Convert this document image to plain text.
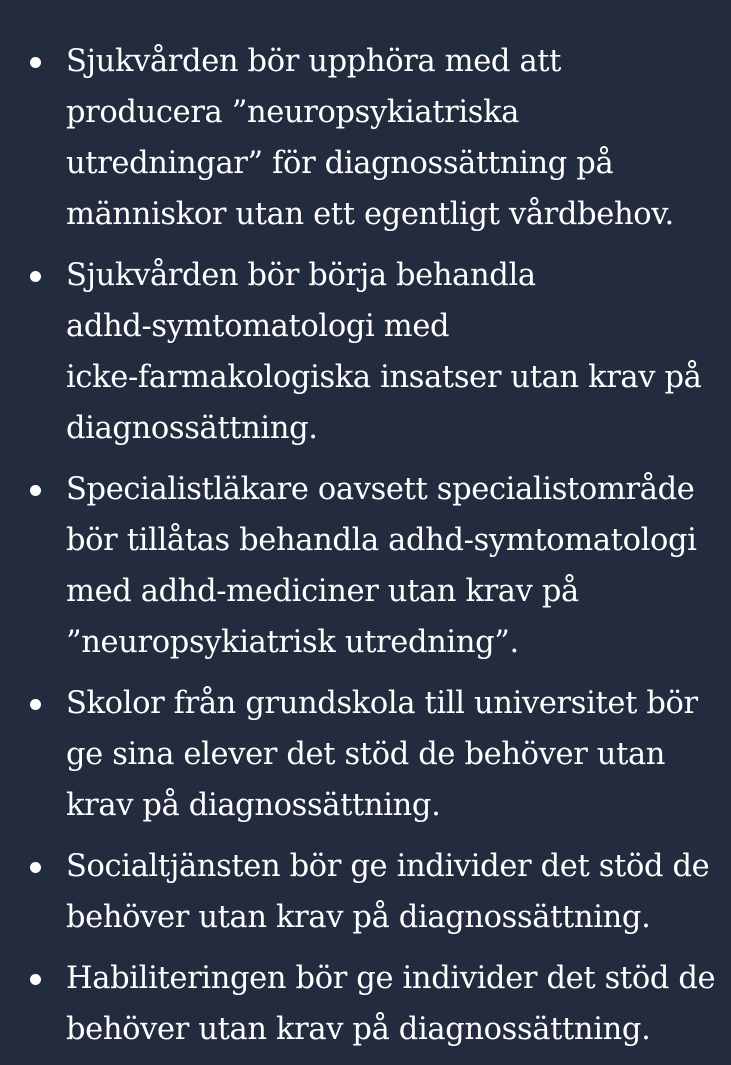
Sjukvården bör upphöra med att
producera ”neuropsykiatriska
utredningar” för diagnossättning på
människor utan ett egentligt vårdbehov.
Sjukvården bör börja behandla
adhd-symtomatologi med
icke-farmakologiska insatser utan krav på
diagnossättning.
Specialistläkare oavsett specialistområde
bör tillåtas behandla adhd-symtomatologi
med adhd-mediciner utan krav på
”neuropsykiatrisk utredning”.
Skolor från grundskola till universitet bör
ge sina elever det stöd de behöver utan
krav på diagnossättning.
Socialtjänsten bör ge individer det stöd de
behöver utan krav på diagnossättning.
Habiliteringen bör ge individer det stöd de
behöver utan krav på diagnossättning.
